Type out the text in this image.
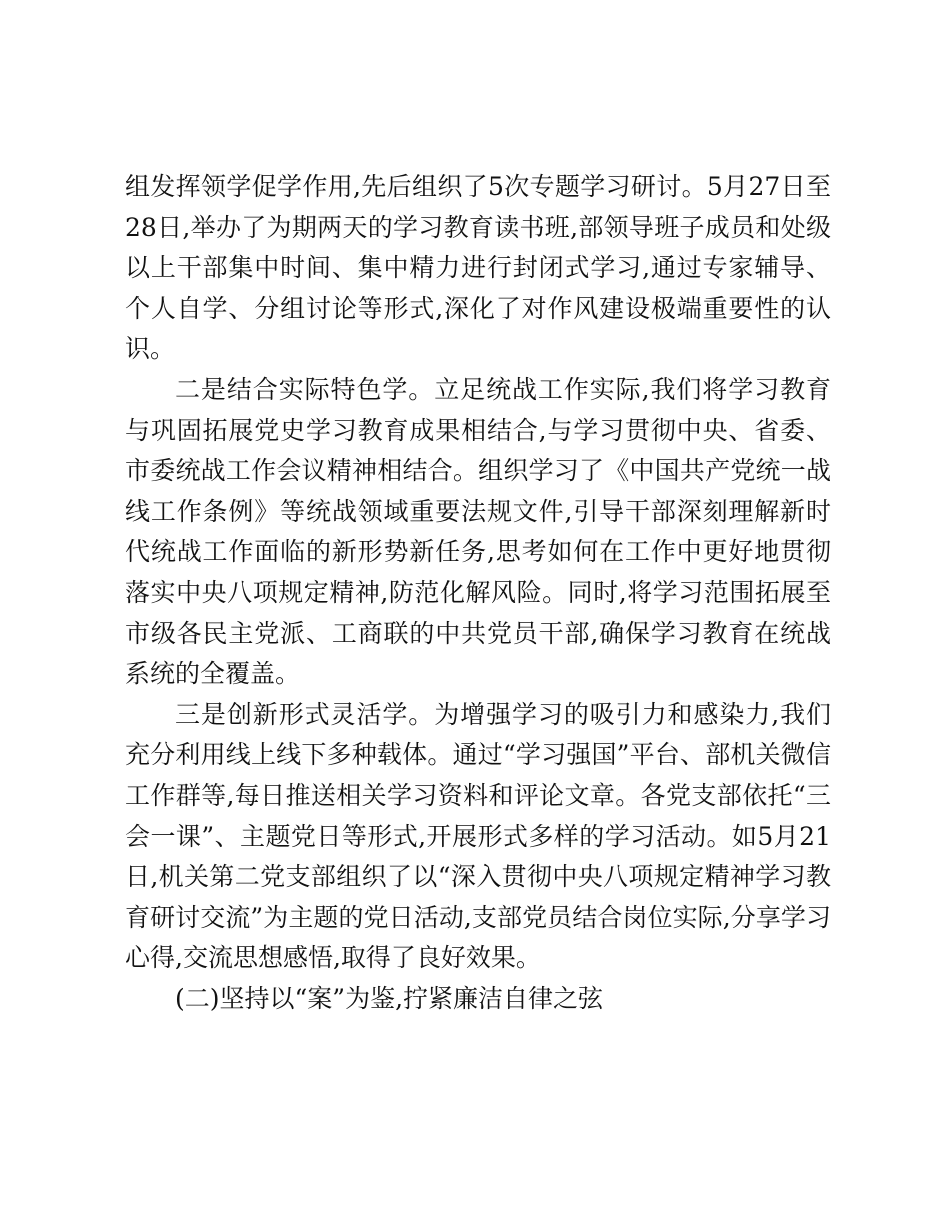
组发挥领学促学作用,先后组织了5次专题学习研讨。5月27日至28日,举办了为期两天的学习教育读书班,部领导班子成员和处级以上干部集中时间、集中精力进行封闭式学习,通过专家辅导、个人自学、分组讨论等形式,深化了对作风建设极端重要性的认识。

二是结合实际特色学。立足统战工作实际,我们将学习教育与巩固拓展党史学习教育成果相结合,与学习贯彻中央、省委、市委统战工作会议精神相结合。组织学习了《中国共产党统一战线工作条例》等统战领域重要法规文件,引导干部深刻理解新时代统战工作面临的新形势新任务,思考如何在工作中更好地贯彻落实中央八项规定精神,防范化解风险。同时,将学习范围拓展至市级各民主党派、工商联的中共党员干部,确保学习教育在统战系统的全覆盖。

三是创新形式灵活学。为增强学习的吸引力和感染力,我们充分利用线上线下多种载体。通过“学习强国”平台、部机关微信工作群等,每日推送相关学习资料和评论文章。各党支部依托“三会一课”、主题党日等形式,开展形式多样的学习活动。如5月21日,机关第二党支部组织了以“深入贯彻中央八项规定精神学习教育研讨交流”为主题的党日活动,支部党员结合岗位实际,分享学习心得,交流思想感悟,取得了良好效果。

(二)坚持以“案”为鉴,拧紧廉洁自律之弦
